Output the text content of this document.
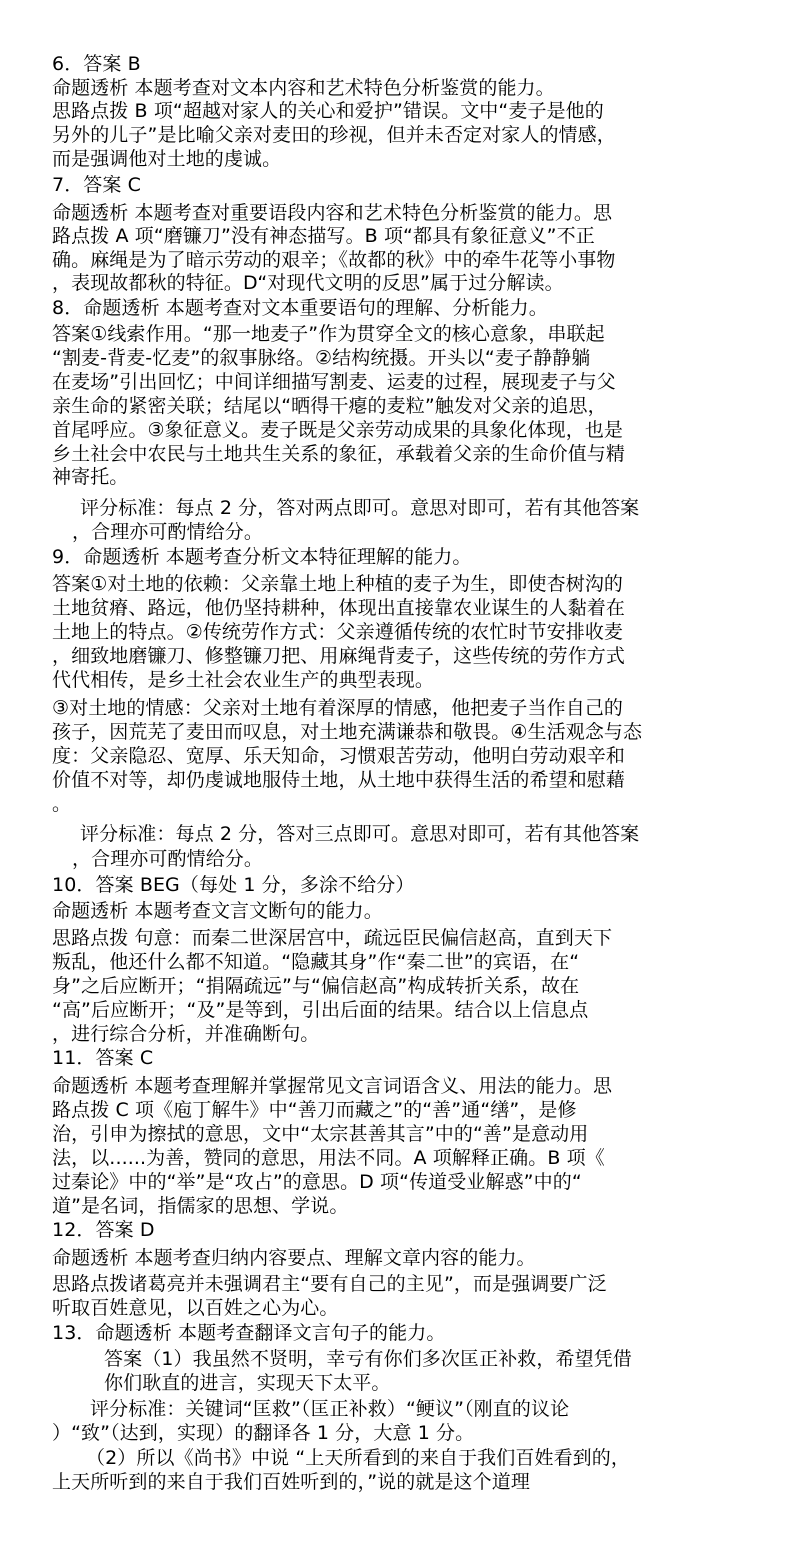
6．答案 B
命题透析 本题考查对文本内容和艺术特色分析鉴赏的能力。
思路点拨 B 项“超越对家人的关心和爱护”错误。文中“麦子是他的
另外的儿子”是比喻父亲对麦田的珍视，但并未否定对家人的情感，
而是强调他对土地的虔诚。
7．答案 C
命题透析 本题考查对重要语段内容和艺术特色分析鉴赏的能力。思
路点拨 A 项“磨镰刀”没有神态描写。B 项“都具有象征意义”不正
确。麻绳是为了暗示劳动的艰辛；《故都的秋》中的牵牛花等小事物
，表现故都秋的特征。D“对现代文明的反思”属于过分解读。
8．命题透析 本题考查对文本重要语句的理解、分析能力。
答案①线索作用。“那一地麦子”作为贯穿全文的核心意象，串联起
“割麦-背麦-忆麦”的叙事脉络。②结构统摄。开头以“麦子静静躺
在麦场”引出回忆；中间详细描写割麦、运麦的过程，展现麦子与父
亲生命的紧密关联；结尾以“晒得干瘪的麦粒”触发对父亲的追思，
首尾呼应。③象征意义。麦子既是父亲劳动成果的具象化体现，也是
乡土社会中农民与土地共生关系的象征，承载着父亲的生命价值与精
神寄托。
评分标准：每点 2 分，答对两点即可。意思对即可，若有其他答案
，合理亦可酌情给分。
9．命题透析 本题考查分析文本特征理解的能力。
答案①对土地的依赖：父亲靠土地上种植的麦子为生，即使杏树沟的
土地贫瘠、路远，他仍坚持耕种，体现出直接靠农业谋生的人黏着在
土地上的特点。②传统劳作方式：父亲遵循传统的农忙时节安排收麦
，细致地磨镰刀、修整镰刀把、用麻绳背麦子，这些传统的劳作方式
代代相传，是乡土社会农业生产的典型表现。
③对土地的情感：父亲对土地有着深厚的情感，他把麦子当作自己的
孩子，因荒芜了麦田而叹息，对土地充满谦恭和敬畏。④生活观念与态
度：父亲隐忍、宽厚、乐天知命，习惯艰苦劳动，他明白劳动艰辛和
价值不对等，却仍虔诚地服侍土地，从土地中获得生活的希望和慰藉
。
评分标准：每点 2 分，答对三点即可。意思对即可，若有其他答案
，合理亦可酌情给分。
10．答案 BEG（每处 1 分，多涂不给分）
命题透析 本题考查文言文断句的能力。
思路点拨 句意：而秦二世深居宫中，疏远臣民偏信赵高，直到天下
叛乱，他还什么都不知道。“隐藏其身”作“秦二世”的宾语，在“
身”之后应断开；“捐隔疏远”与“偏信赵高”构成转折关系，故在
“高”后应断开；“及”是等到，引出后面的结果。结合以上信息点
，进行综合分析，并准确断句。
11．答案 C
命题透析 本题考查理解并掌握常见文言词语含义、用法的能力。思
路点拨 C 项《庖丁解牛》中“善刀而藏之”的“善”通“缮”，是修
治，引申为擦拭的意思，文中“太宗甚善其言”中的“善”是意动用
法，以......为善，赞同的意思，用法不同。A 项解释正确。B 项《
过秦论》中的“举”是“攻占”的意思。D 项“传道受业解惑”中的“
道”是名词，指儒家的思想、学说。
12．答案 D
命题透析 本题考查归纳内容要点、理解文章内容的能力。
思路点拨诸葛亮并未强调君主“要有自己的主见”，而是强调要广泛
听取百姓意见，以百姓之心为心。
13．命题透析 本题考查翻译文言句子的能力。
答案（1）我虽然不贤明，幸亏有你们多次匡正补救，希望凭借
你们耿直的进言，实现天下太平。
评分标准：关键词“匡救”（匡正补救）“鲠议”（刚直的议论
）“致”（达到，实现）的翻译各 1 分，大意 1 分。
（2）所以《尚书》中说 “上天所看到的来自于我们百姓看到的，
上天所听到的来自于我们百姓听到的，”说的就是这个道理
